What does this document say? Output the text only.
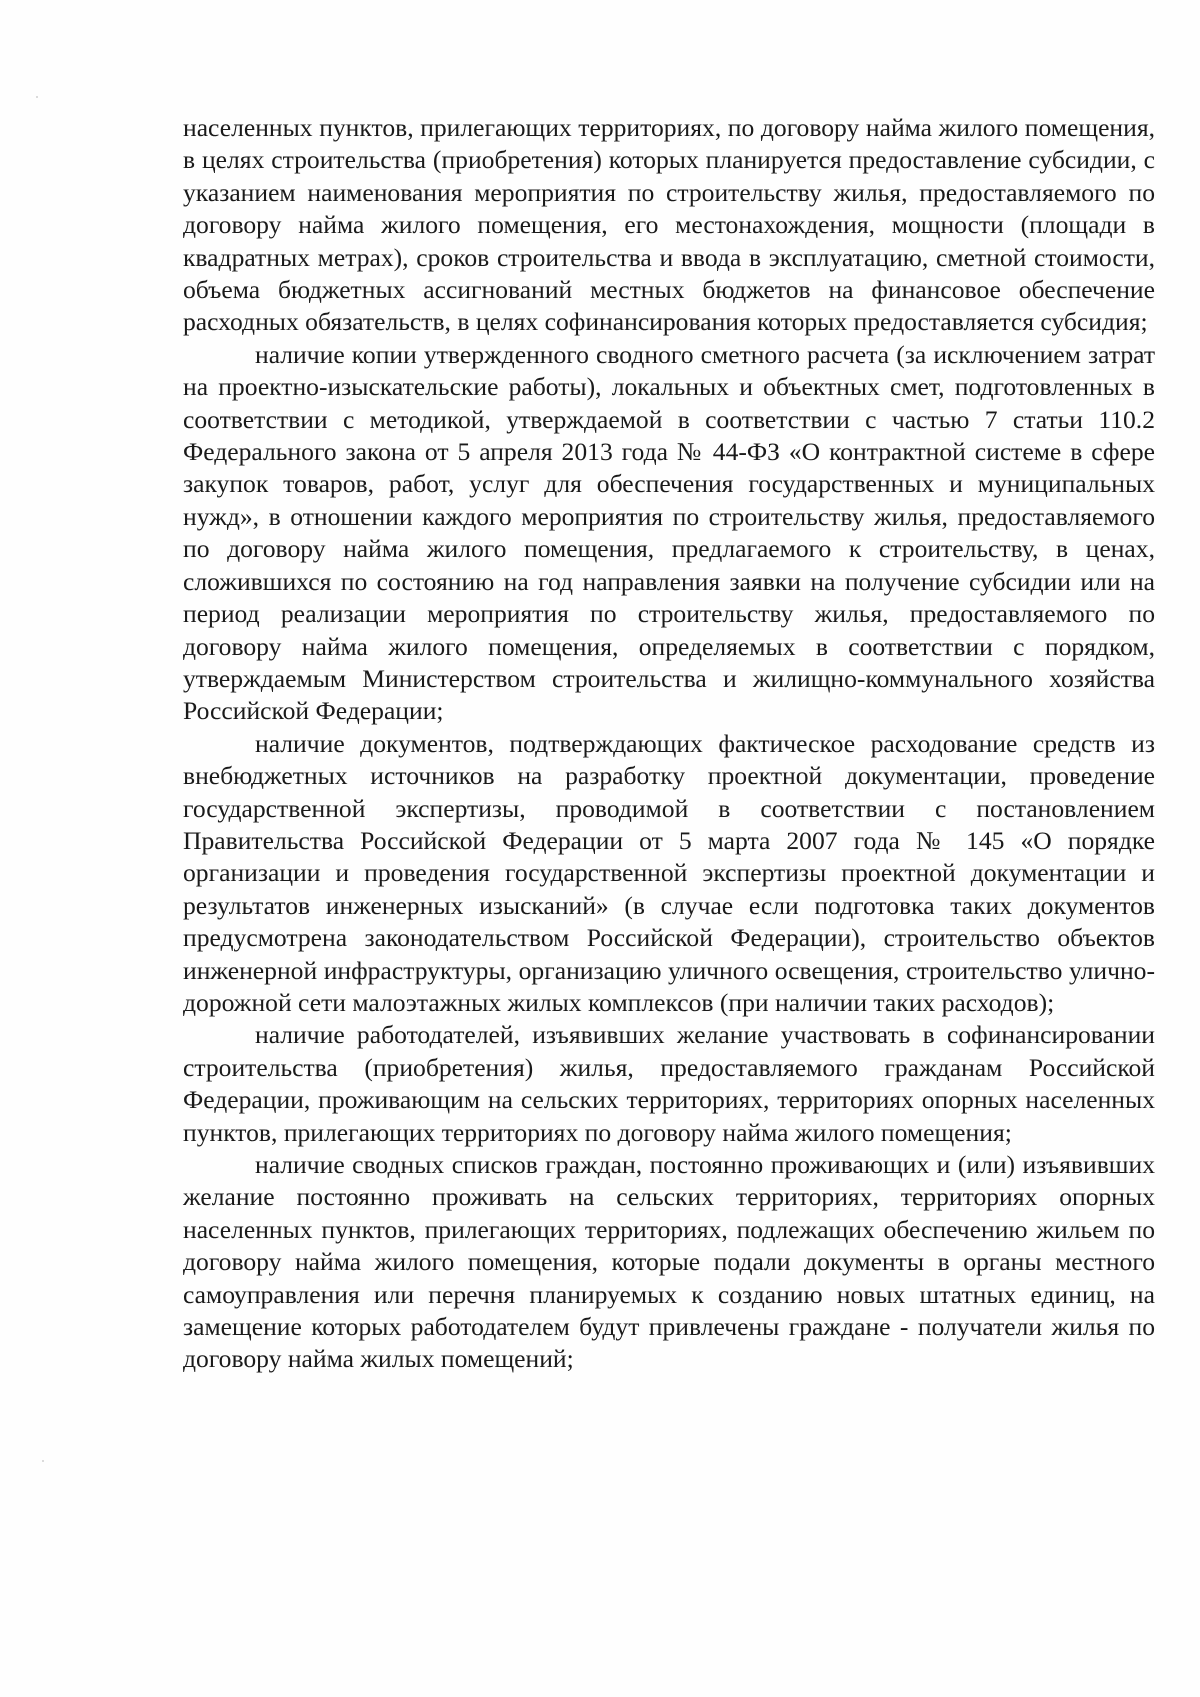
населенных пунктов, прилегающих территориях, по договору найма жилого помещения, в целях строительства (приобретения) которых планируется предоставление субсидии, с указанием наименования мероприятия по строительству жилья, предоставляемого по договору найма жилого помещения, его местонахождения, мощности (площади в квадратных метрах), сроков строительства и ввода в эксплуатацию, сметной стоимости, объема бюджетных ассигнований местных бюджетов на финансовое обеспечение расходных обязательств, в целях софинансирования которых предоставляется субсидия;

наличие копии утвержденного сводного сметного расчета (за исключением затрат на проектно-изыскательские работы), локальных и объектных смет, подготовленных в соответствии с методикой, утверждаемой в соответствии с частью 7 статьи 110.2 Федерального закона от 5 апреля 2013 года № 44-ФЗ «О контрактной системе в сфере закупок товаров, работ, услуг для обеспечения государственных и муниципальных нужд», в отношении каждого мероприятия по строительству жилья, предоставляемого по договору найма жилого помещения, предлагаемого к строительству, в ценах, сложившихся по состоянию на год направления заявки на получение субсидии или на период реализации мероприятия по строительству жилья, предоставляемого по договору найма жилого помещения, определяемых в соответствии с порядком, утверждаемым Министерством строительства и жилищно-коммунального хозяйства Российской Федерации;

наличие документов, подтверждающих фактическое расходование средств из внебюджетных источников на разработку проектной документации, проведение государственной экспертизы, проводимой в соответствии с постановлением Правительства Российской Федерации от 5 марта 2007 года № 145 «О порядке организации и проведения государственной экспертизы проектной документации и результатов инженерных изысканий» (в случае если подготовка таких документов предусмотрена законодательством Российской Федерации), строительство объектов инженерной инфраструктуры, организацию уличного освещения, строительство улично-дорожной сети малоэтажных жилых комплексов (при наличии таких расходов);

наличие работодателей, изъявивших желание участвовать в софинансировании строительства (приобретения) жилья, предоставляемого гражданам Российской Федерации, проживающим на сельских территориях, территориях опорных населенных пунктов, прилегающих территориях по договору найма жилого помещения;

наличие сводных списков граждан, постоянно проживающих и (или) изъявивших желание постоянно проживать на сельских территориях, территориях опорных населенных пунктов, прилегающих территориях, подлежащих обеспечению жильем по договору найма жилого помещения, которые подали документы в органы местного самоуправления или перечня планируемых к созданию новых штатных единиц, на замещение которых работодателем будут привлечены граждане - получатели жилья по договору найма жилых помещений;
